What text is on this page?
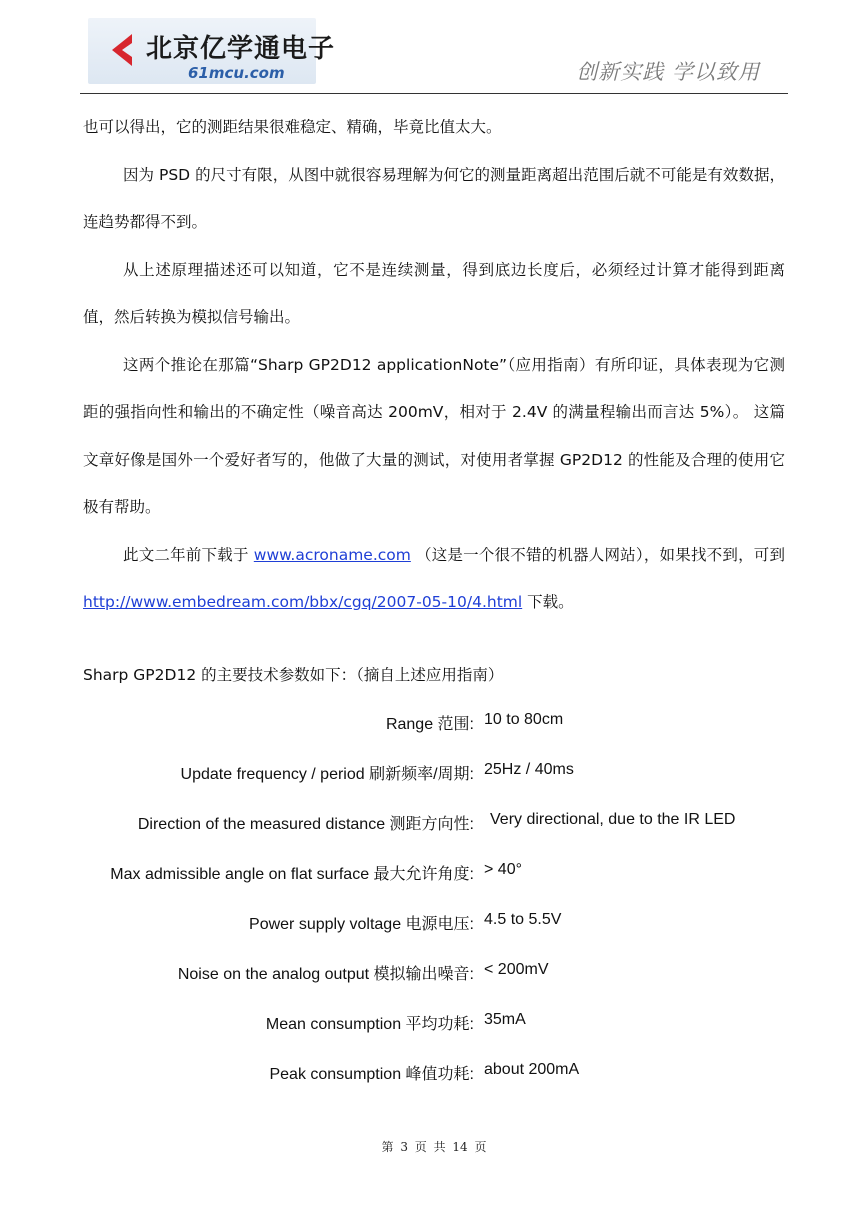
北京亿学通电子
61mcu.com	创新实践 学以致用

也可以得出，它的测距结果很难稳定、精确，毕竟比值太大。

因为 PSD 的尺寸有限，从图中就很容易理解为何它的测量距离超出范围后就不可能是有效数据，连趋势都得不到。

从上述原理描述还可以知道，它不是连续测量，得到底边长度后，必须经过计算才能得到距离值，然后转换为模拟信号输出。

这两个推论在那篇“Sharp GP2D12 applicationNote”（应用指南）有所印证，具体表现为它测距的强指向性和输出的不确定性（噪音高达 200mV，相对于 2.4V 的满量程输出而言达 5%）。 这篇文章好像是国外一个爱好者写的，他做了大量的测试，对使用者掌握 GP2D12 的性能及合理的使用它极有帮助。

此文二年前下载于 www.acroname.com （这是一个很不错的机器人网站），如果找不到，可到 http://www.embedream.com/bbx/cgq/2007-05-10/4.html 下载。

Sharp GP2D12 的主要技术参数如下：（摘自上述应用指南）
Range 范围: 10 to 80cm
Update frequency / period 刷新频率/周期: 25Hz / 40ms
Direction of the measured distance 测距方向性: Very directional, due to the IR LED
Max admissible angle on flat surface 最大允许角度: > 40°
Power supply voltage 电源电压: 4.5 to 5.5V
Noise on the analog output 模拟输出噪音: < 200mV
Mean consumption 平均功耗: 35mA
Peak consumption 峰值功耗: about 200mA
第 3 页 共 14 页
